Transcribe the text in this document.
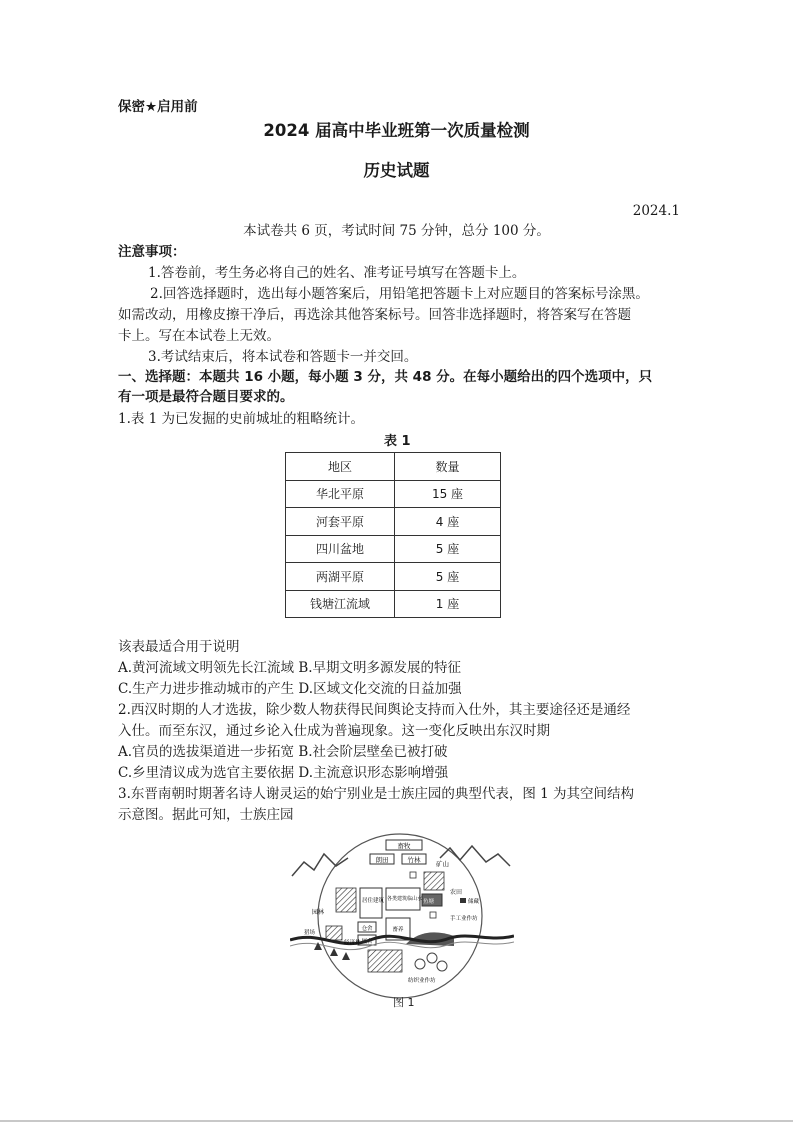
保密★启用前
2024 届高中毕业班第一次质量检测
历史试题
2024.1
本试卷共 6 页，考试时间 75 分钟，总分 100 分。
注意事项：
1.答卷前，考生务必将自己的姓名、准考证号填写在答题卡上。
2.回答选择题时，选出每小题答案后，用铅笔把答题卡上对应题目的答案标号涂黑。
如需改动，用橡皮擦干净后，再选涂其他答案标号。回答非选择题时，将答案写在答题
卡上。写在本试卷上无效。
3.考试结束后，将本试卷和答题卡一并交回。
一、选择题：本题共 16 小题，每小题 3 分，共 48 分。在每小题给出的四个选项中，只
有一项是最符合题目要求的。
1.表 1 为已发掘的史前城址的粗略统计。
表 1
地区	数量
华北平原	15 座
河套平原	4 座
四川盆地	5 座
两湖平原	5 座
钱塘江流域	1 座
该表最适合用于说明
A.黄河流域文明领先长江流域 B.早期文明多源发展的特征
C.生产力进步推动城市的产生 D.区域文化交流的日益加强
2.西汉时期的人才选拔，除少数人物获得民间舆论支持而入仕外，其主要途径还是通经
入仕。而至东汉，通过乡论入仕成为普遍现象。这一变化反映出东汉时期
A.官员的选拔渠道进一步拓宽 B.社会阶层壁垒已被打破
C.乡里清议成为选官主要依据 D.主流意识形态影响增强
3.东晋南朝时期著名诗人谢灵运的始宁别业是士族庄园的典型代表，图 1 为其空间结构
示意图。据此可知，士族庄园
畜牧
朗田	竹林 矿山
居住建筑 各类建筑临山水 鱼塘
园林
农田
储藏
手工业作坊
仓舍
厩舍
畜养
猎场
经济林
纺织业作坊
图 1
